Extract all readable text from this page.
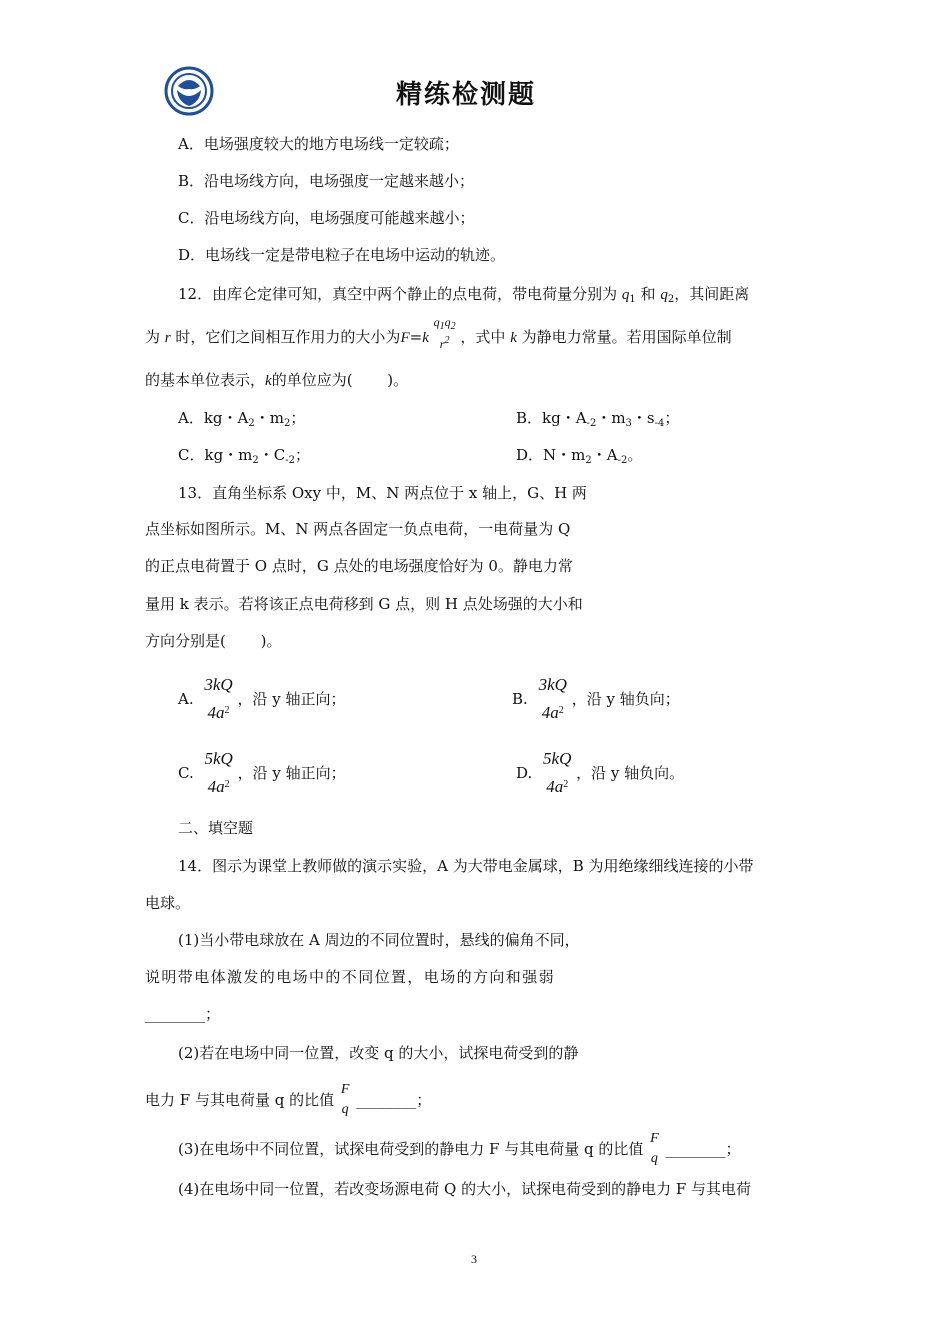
精练检测题
A．电场强度较大的地方电场线一定较疏；
B．沿电场线方向，电场强度一定越来越小；
C．沿电场线方向，电场强度可能越来越小；
D．电场线一定是带电粒子在电场中运动的轨迹。
12．由库仑定律可知，真空中两个静止的点电荷，带电荷量分别为 $q_1$ 和 $q_2$，其间距离
为 r 时，它们之间相互作用力的大小为F=k
$q_1q_2$
$r^2$ ，式中 k 为静电力常量。若用国际单位制
的基本单位表示，k的单位应为(　　 )。
A．kg・$A_2$・$m_2$；	B．kg・$A_{-2}$・$m_3$・$s_{-4}$；
C．kg・$m_2$・$C_{-2}$；	D．N・$m_2$・$A_{-2}$。
13．直角坐标系 Oxy 中，M、N 两点位于 x 轴上，G、H 两
点坐标如图所示。M、N 两点各固定一负点电荷，一电荷量为 Q
的正点电荷置于 O 点时，G 点处的电场强度恰好为 0。静电力常
量用 k 表示。若将该正点电荷移到 G 点，则 H 点处场强的大小和
方向分别是(　　 )。
A.
3kQ
$4a^2$
，沿 y 轴正向；	B.
3kQ
$4a^2$
，沿 y 轴负向；
C.
5kQ
$4a^2$
，沿 y 轴正向；	D.
5kQ
$4a^2$
，沿 y 轴负向。
二、填空题
14．图示为课堂上教师做的演示实验，A 为大带电金属球，B 为用绝缘细线连接的小带
电球。
(1)当小带电球放在 A 周边的不同位置时，悬线的偏角不同，
说明带电体激发的电场中的不同位置，电场的方向和强弱
________；
(2)若在电场中同一位置，改变 q 的大小，试探电荷受到的静
电力 F 与其电荷量 q 的比值
F
q
________；
(3)在电场中不同位置，试探电荷受到的静电力 F 与其电荷量 q 的比值
F
q
________；
(4)在电场中同一位置，若改变场源电荷 Q 的大小，试探电荷受到的静电力 F 与其电荷
3
